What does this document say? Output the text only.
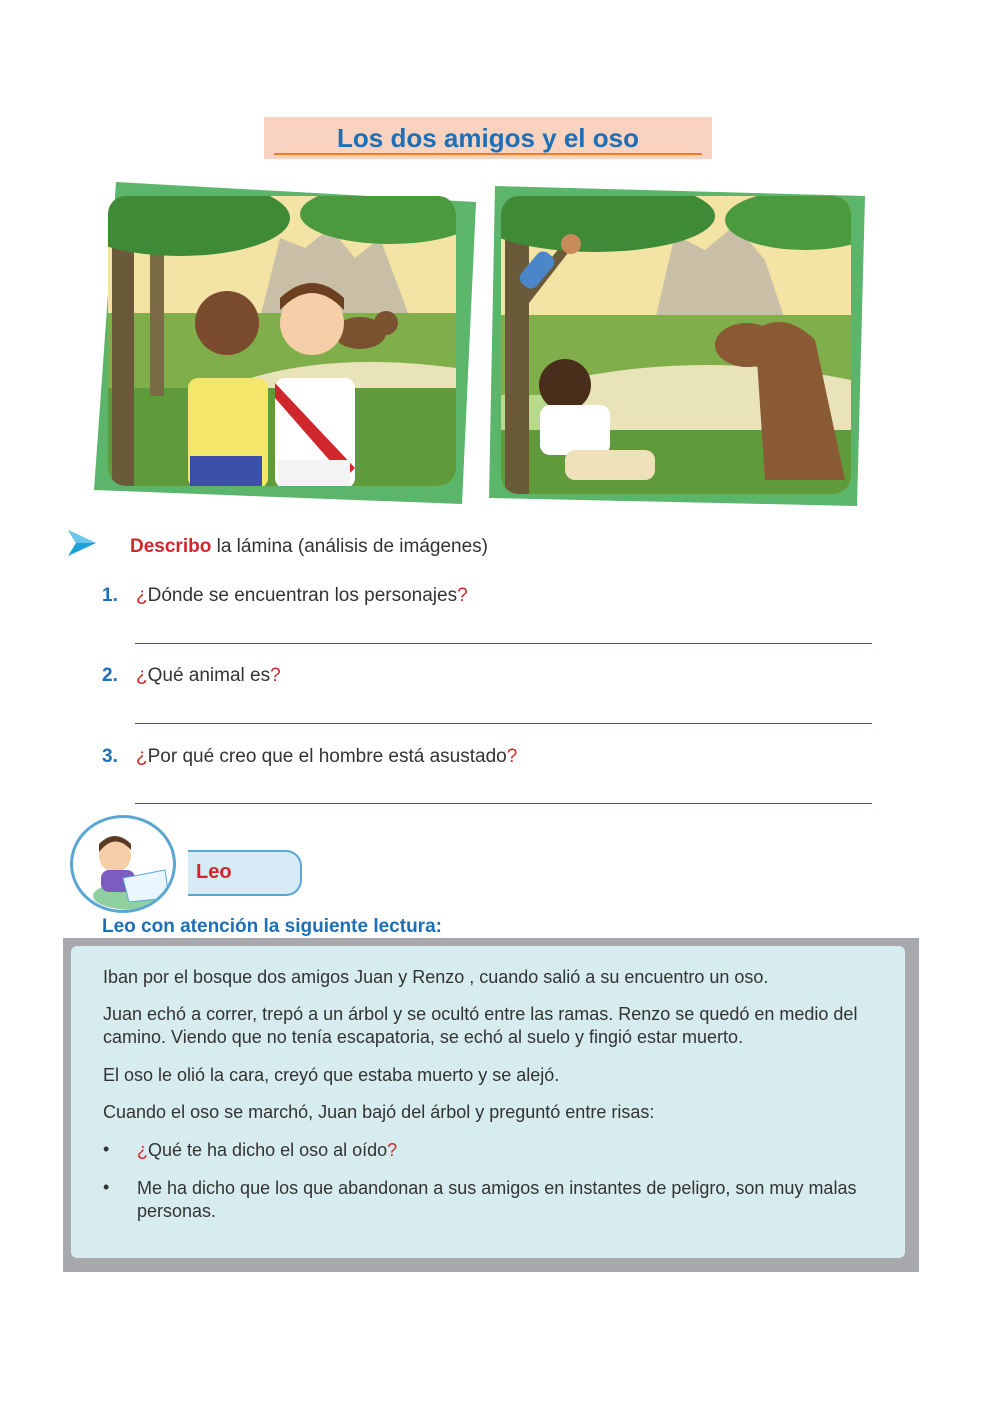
Los dos amigos y el oso
Describo la lámina (análisis de imágenes)
1. ¿Dónde se encuentran los personajes?
2. ¿Qué animal es?
3. ¿Por qué creo que el hombre está asustado?
Leo
Leo con atención la siguiente lectura:
Iban por el bosque dos amigos Juan y Renzo , cuando salió a su encuentro un oso.
Juan echó a correr, trepó a un árbol y se ocultó entre las ramas. Renzo se quedó en medio del camino. Viendo que no tenía escapatoria, se echó al suelo y fingió estar muerto.
El oso le olió la cara, creyó que estaba muerto y se alejó.
Cuando el oso se marchó, Juan bajó del árbol y preguntó entre risas:
• ¿Qué te ha dicho el oso al oído?
• Me ha dicho que los que abandonan a sus amigos en instantes de peligro, son muy malas personas.
